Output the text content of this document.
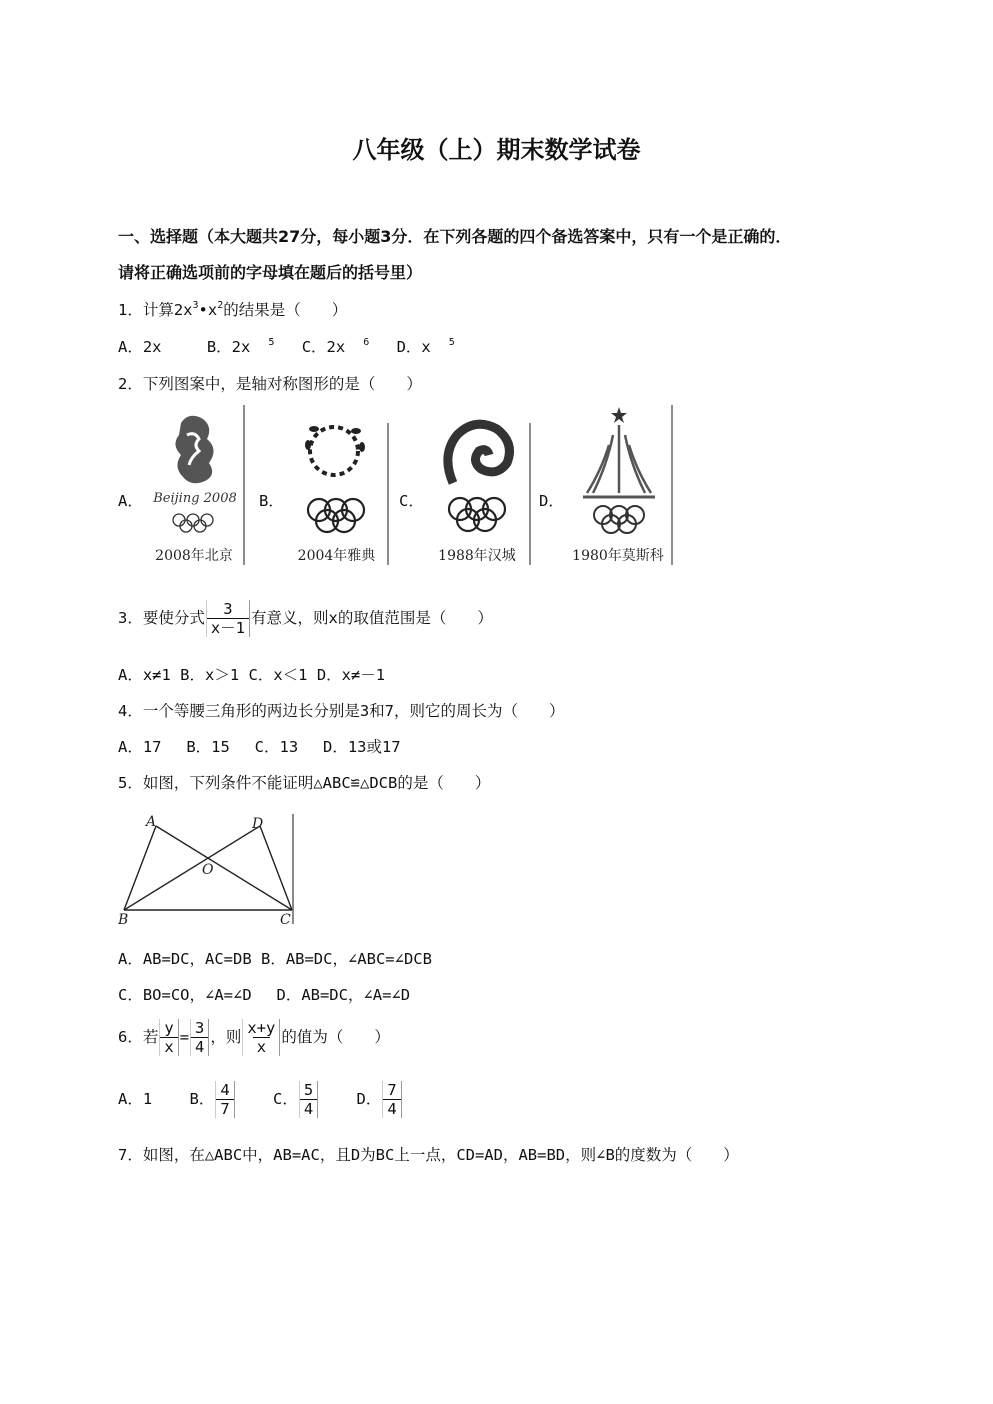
八年级（上）期末数学试卷
一、选择题（本大题共27分，每小题3分．在下列各题的四个备选答案中，只有一个是正确的．
请将正确选项前的字母填在题后的括号里）
1．计算$2x^3•x^2$的结果是（　　）
A．2x	B．2x $^5$ C．2x $^6$ D．x $^5$
2．下列图案中，是轴对称图形的是（　　）
A． Beijing 2008
2008年北京
B．
2004年雅典
C．
1988年汉城
D．
1980年莫斯科
3．要使分式 $\frac{3}{x-1}$ 有意义，则x的取值范围是（　　）
A．x≠1 B．x＞1 C．x＜1 D．x≠－1
4．一个等腰三角形的两边长分别是3和7，则它的周长为（　　）
A．17　 B．15　 C．13　 D．13或17
5．如图，下列条件不能证明△ABC≌△DCB的是（　　）
A	D
O
B	C
A．AB=DC，AC=DB B．AB=DC，∠ABC=∠DCB
C．BO=CO，∠A=∠D　 D．AB=DC，∠A=∠D
6．若 $\frac{y}{x} = \frac{3}{4}$ ，则 $\frac{x+y}{x}$ 的值为（　　）
A．1 B． $\frac{4}{7}$ C． $\frac{5}{4}$ D． $\frac{7}{4}$
7．如图，在△ABC中，AB=AC，且D为BC上一点，CD=AD，AB=BD，则∠B的度数为（　　）
